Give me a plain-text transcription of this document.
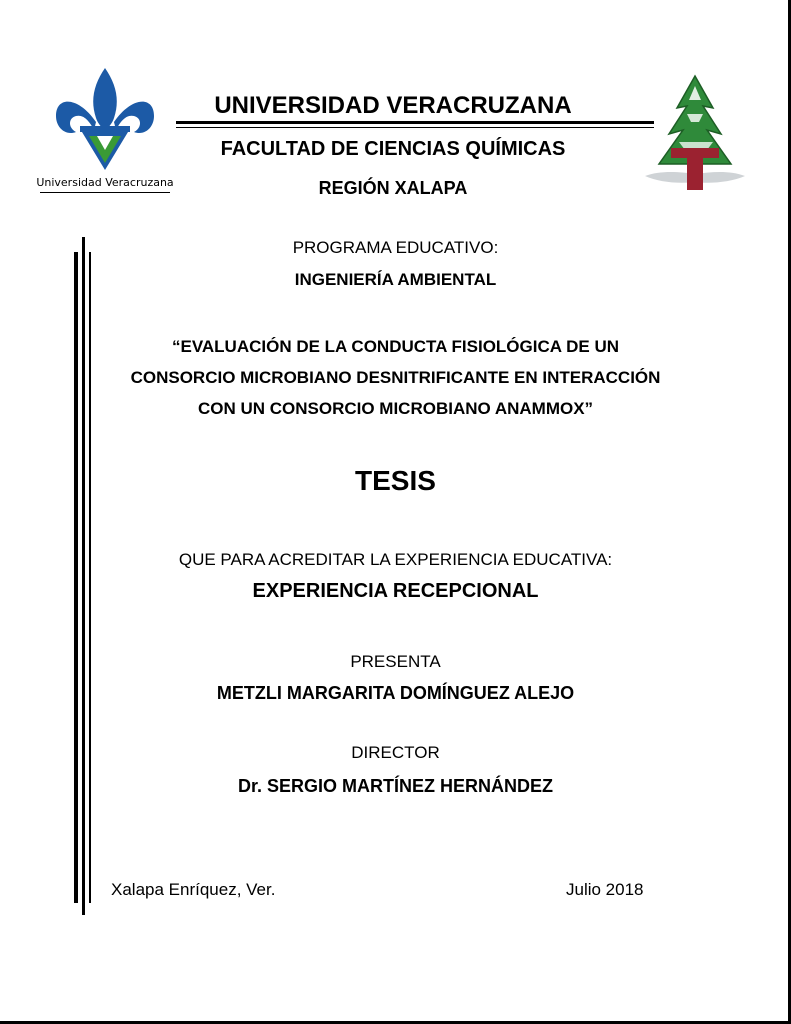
Universidad Veracruzana
UNIVERSIDAD VERACRUZANA
FACULTAD DE CIENCIAS QUÍMICAS
REGIÓN XALAPA
PROGRAMA EDUCATIVO:
INGENIERÍA AMBIENTAL
“EVALUACIÓN DE LA CONDUCTA FISIOLÓGICA DE UN
CONSORCIO MICROBIANO DESNITRIFICANTE EN INTERACCIÓN
CON UN CONSORCIO MICROBIANO ANAMMOX”
TESIS
QUE PARA ACREDITAR LA EXPERIENCIA EDUCATIVA:
EXPERIENCIA RECEPCIONAL
PRESENTA
METZLI MARGARITA DOMÍNGUEZ ALEJO
DIRECTOR
Dr. SERGIO MARTÍNEZ HERNÁNDEZ
Xalapa Enríquez, Ver.	Julio 2018
